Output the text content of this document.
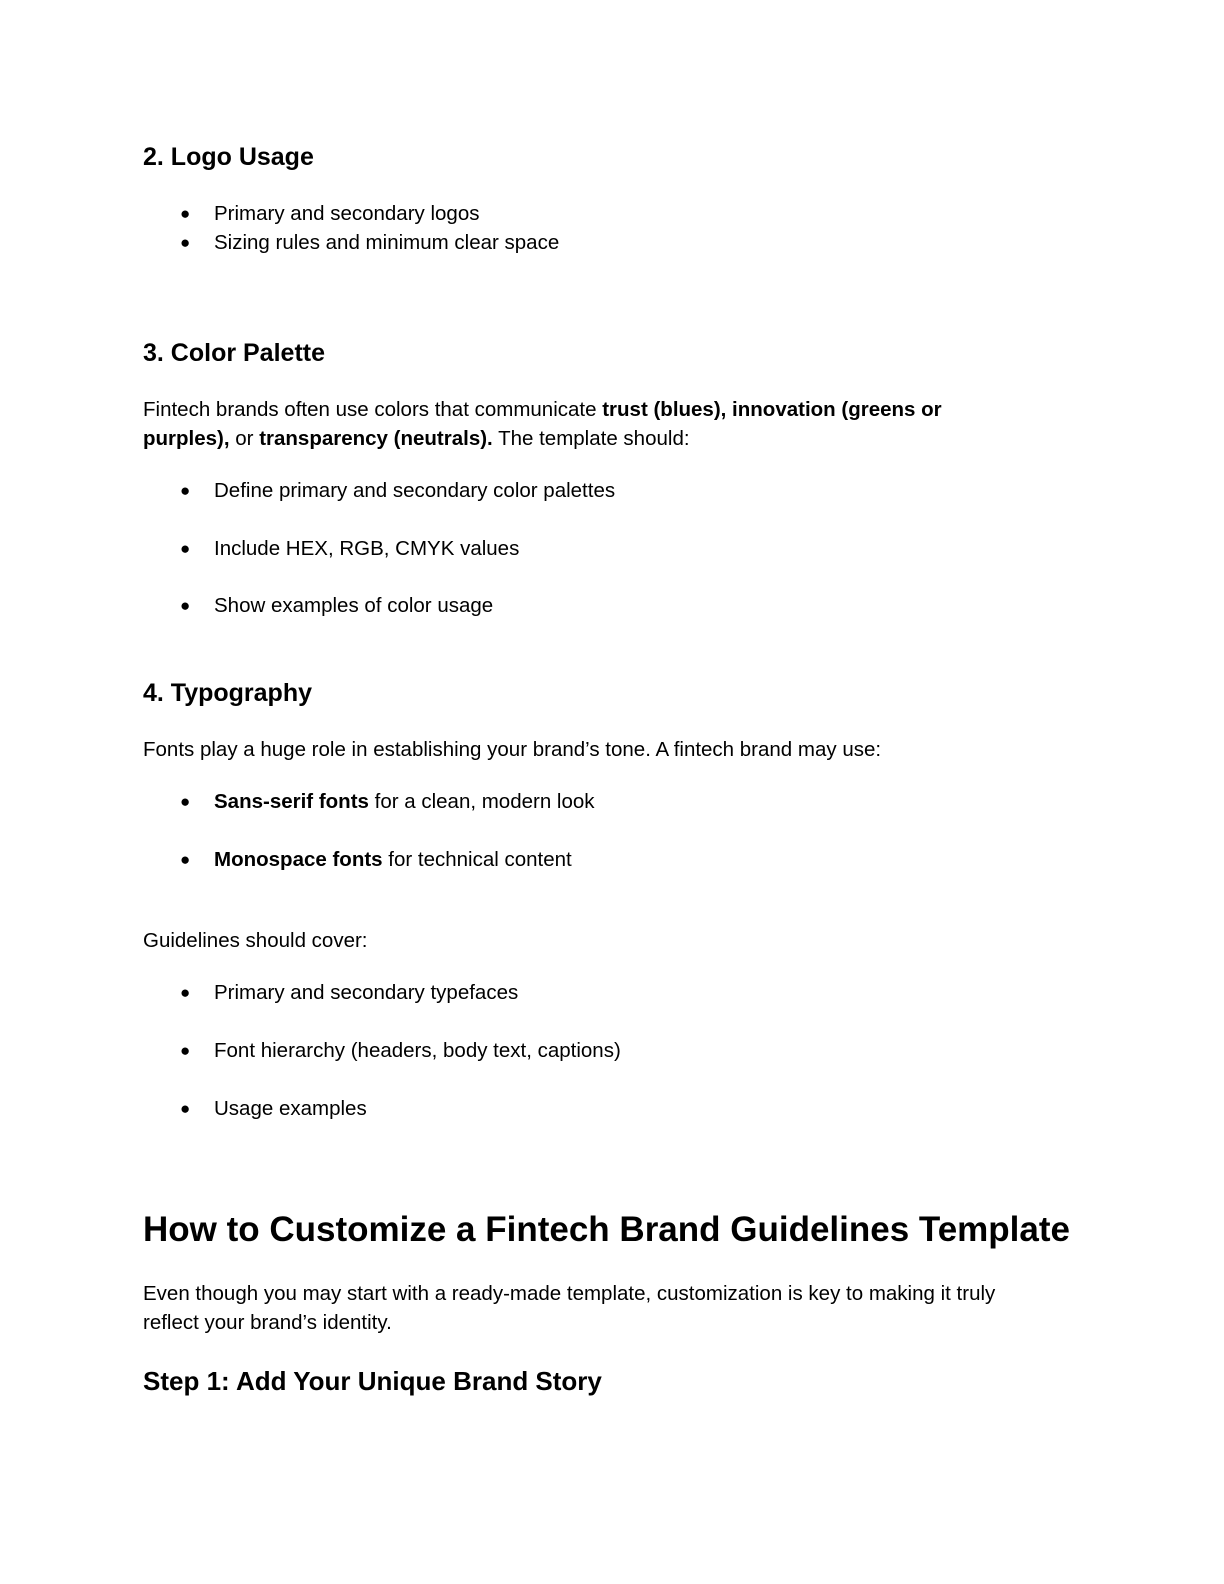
2. Logo Usage
● Primary and secondary logos
● Sizing rules and minimum clear space
3. Color Palette

Fintech brands often use colors that communicate trust (blues), innovation (greens or

purples), or transparency (neutrals). The template should:

● Define primary and secondary color palettes
● Include HEX, RGB, CMYK values
● Show examples of color usage
4. Typography

Fonts play a huge role in establishing your brand’s tone. A fintech brand may use:

● Sans-serif fonts for a clean, modern look
● Monospace fonts for technical content

Guidelines should cover:

● Primary and secondary typefaces
● Font hierarchy (headers, body text, captions)
● Usage examples
How to Customize a Fintech Brand Guidelines Template

Even though you may start with a ready-made template, customization is key to making it truly

reflect your brand’s identity.

Step 1: Add Your Unique Brand Story
